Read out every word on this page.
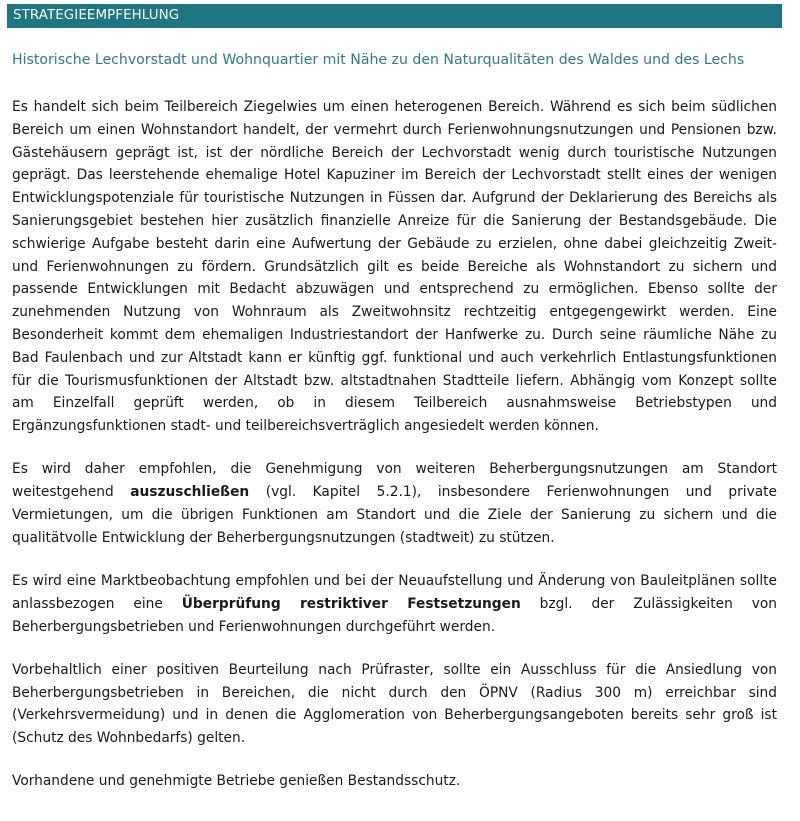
STRATEGIEEMPFEHLUNG

Historische Lechvorstadt und Wohnquartier mit Nähe zu den Naturqualitäten des Waldes und des Lechs

Es handelt sich beim Teilbereich Ziegelwies um einen heterogenen Bereich. Während es sich beim südlichen Bereich um einen Wohnstandort handelt, der vermehrt durch Ferienwohnungsnutzungen und Pensionen bzw. Gästehäusern geprägt ist, ist der nördliche Bereich der Lechvorstadt wenig durch touristische Nutzungen geprägt. Das leerstehende ehemalige Hotel Kapuziner im Bereich der Lechvorstadt stellt eines der wenigen Entwicklungspotenziale für touristische Nutzungen in Füssen dar. Aufgrund der Deklarierung des Bereichs als Sanierungsgebiet bestehen hier zusätzlich finanzielle Anreize für die Sanierung der Bestandsgebäude. Die schwierige Aufgabe besteht darin eine Aufwertung der Gebäude zu erzielen, ohne dabei gleichzeitig Zweit- und Ferienwohnungen zu fördern. Grundsätzlich gilt es beide Bereiche als Wohnstandort zu sichern und passende Entwicklungen mit Bedacht abzuwägen und entsprechend zu ermöglichen. Ebenso sollte der zunehmenden Nutzung von Wohnraum als Zweitwohnsitz rechtzeitig entgegengewirkt werden. Eine Besonderheit kommt dem ehemaligen Industriestandort der Hanfwerke zu. Durch seine räumliche Nähe zu Bad Faulenbach und zur Altstadt kann er künftig ggf. funktional und auch verkehrlich Entlastungsfunktionen für die Tourismusfunktionen der Altstadt bzw. altstadtnahen Stadtteile liefern. Abhängig vom Konzept sollte am Einzelfall geprüft werden, ob in diesem Teilbereich ausnahmsweise Betriebstypen und Ergänzungsfunktionen stadt- und teilbereichsverträglich angesiedelt werden können.

Es wird daher empfohlen, die Genehmigung von weiteren Beherbergungsnutzungen am Standort weitestgehend auszuschließen (vgl. Kapitel 5.2.1), insbesondere Ferienwohnungen und private Vermietungen, um die übrigen Funktionen am Standort und die Ziele der Sanierung zu sichern und die qualitätvolle Entwicklung der Beherbergungsnutzungen (stadtweit) zu stützen.

Es wird eine Marktbeobachtung empfohlen und bei der Neuaufstellung und Änderung von Bauleitplänen sollte anlassbezogen eine Überprüfung restriktiver Festsetzungen bzgl. der Zulässigkeiten von Beherbergungsbetrieben und Ferienwohnungen durchgeführt werden.

Vorbehaltlich einer positiven Beurteilung nach Prüfraster, sollte ein Ausschluss für die Ansiedlung von Beherbergungsbetrieben in Bereichen, die nicht durch den ÖPNV (Radius 300 m) erreichbar sind (Verkehrsvermeidung) und in denen die Agglomeration von Beherbergungsangeboten bereits sehr groß ist (Schutz des Wohnbedarfs) gelten.

Vorhandene und genehmigte Betriebe genießen Bestandsschutz.
